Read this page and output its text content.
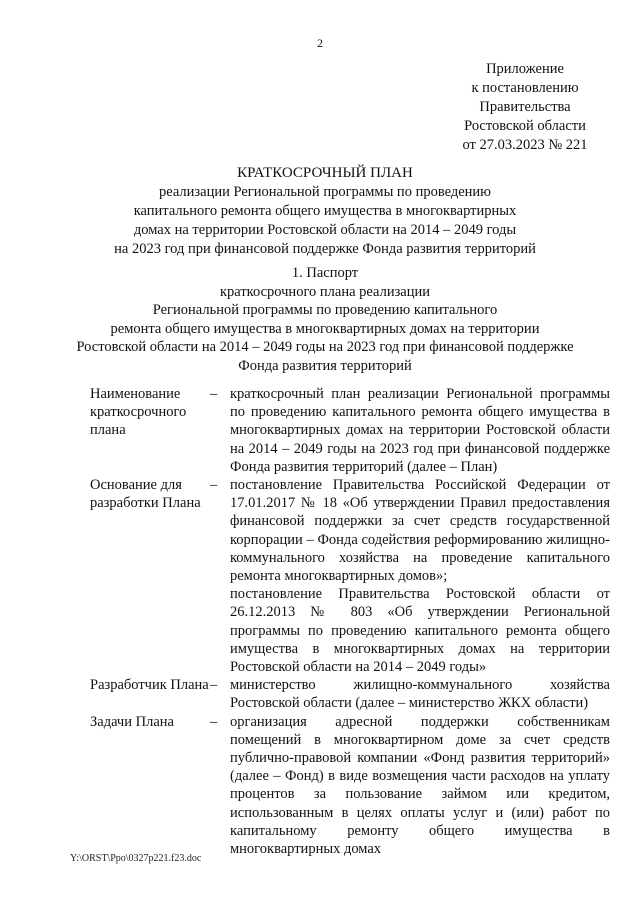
2
Приложение
к постановлению
Правительства
Ростовской области
от 27.03.2023 № 221
КРАТКОСРОЧНЫЙ ПЛАН
реализации Региональной программы по проведению
капитального ремонта общего имущества в многоквартирных
домах на территории Ростовской области на 2014 – 2049 годы
на 2023 год при финансовой поддержке Фонда развития территорий
1. Паспорт
краткосрочного плана реализации
Региональной программы по проведению капитального
ремонта общего имущества в многоквартирных домах на территории
Ростовской области на 2014 – 2049 годы на 2023 год при финансовой поддержке
Фонда развития территорий
Наименование краткосрочного плана
– краткосрочный план реализации Региональной программы по проведению капитального ремонта общего имущества в многоквартирных домах на территории Ростовской области на 2014 – 2049 годы на 2023 год при финансовой поддержке Фонда развития территорий (далее – План)

Основание для разработки Плана
– постановление Правительства Российской Федерации от 17.01.2017 № 18 «Об утверждении Правил предоставления финансовой поддержки за счет средств государственной корпорации – Фонда содействия реформированию жилищно-коммунального хозяйства на проведение капитального ремонта многоквартирных домов»;

постановление Правительства Ростовской области от 26.12.2013 № 803 «Об утверждении Региональной программы по проведению капитального ремонта общего имущества в многоквартирных домах на территории Ростовской области на 2014 – 2049 годы»

Разработчик Плана – министерство жилищно-коммунального хозяйства Ростовской области (далее – министерство ЖКХ области)

Задачи Плана	– организация адресной поддержки собственникам помещений в многоквартирном доме за счет средств публично-правовой компании «Фонд развития территорий» (далее – Фонд) в виде возмещения части расходов на уплату процентов за пользование займом или кредитом, использованным в целях оплаты услуг и (или) работ по капитальному ремонту общего имущества в многоквартирных домах

Y:\ORST\Ppo\0327p221.f23.doc
